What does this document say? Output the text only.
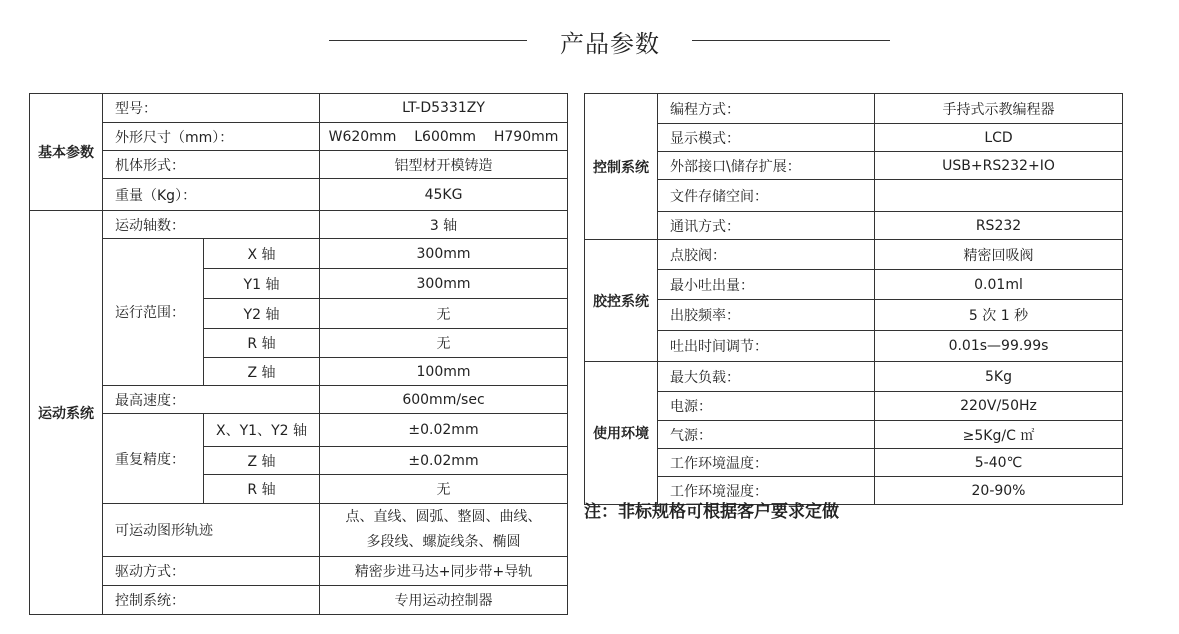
产品参数
基本参数	型号：		LT-D5331ZY
	外形尺寸（mm）：		W620mm    L600mm    H790mm
	机体形式：		铝型材开模铸造
	重量（Kg）：		45KG
运动系统	运动轴数：		3 轴
	运行范围：	X 轴	300mm
		Y1 轴	300mm
		Y2 轴	无
		R 轴	无
		Z 轴	100mm
	最高速度：		600mm/sec
	重复精度：	X、Y1、Y2 轴	±0.02mm
		Z 轴	±0.02mm
		R 轴	无
	可运动图形轨迹		点、直线、圆弧、整圆、曲线、
多段线、螺旋线条、椭圆

	驱动方式：		精密步进马达+同步带+导轨
	控制系统：		专用运动控制器
控制系统	编程方式：	手持式示教编程器
	显示模式：	LCD
	外部接口\储存扩展：	USB+RS232+IO
	文件存储空间：	
	通讯方式：	RS232
胶控系统	点胶阀：	精密回吸阀
	最小吐出量：	0.01ml
	出胶频率：	5 次 1 秒
	吐出时间调节：	0.01s—99.99s
使用环境	最大负载：	5Kg
	电源：	220V/50Hz
	气源：	≥5Kg/C ㎡
	工作环境温度：	5-40℃
	工作环境湿度：	20-90%
注：非标规格可根据客户要求定做
